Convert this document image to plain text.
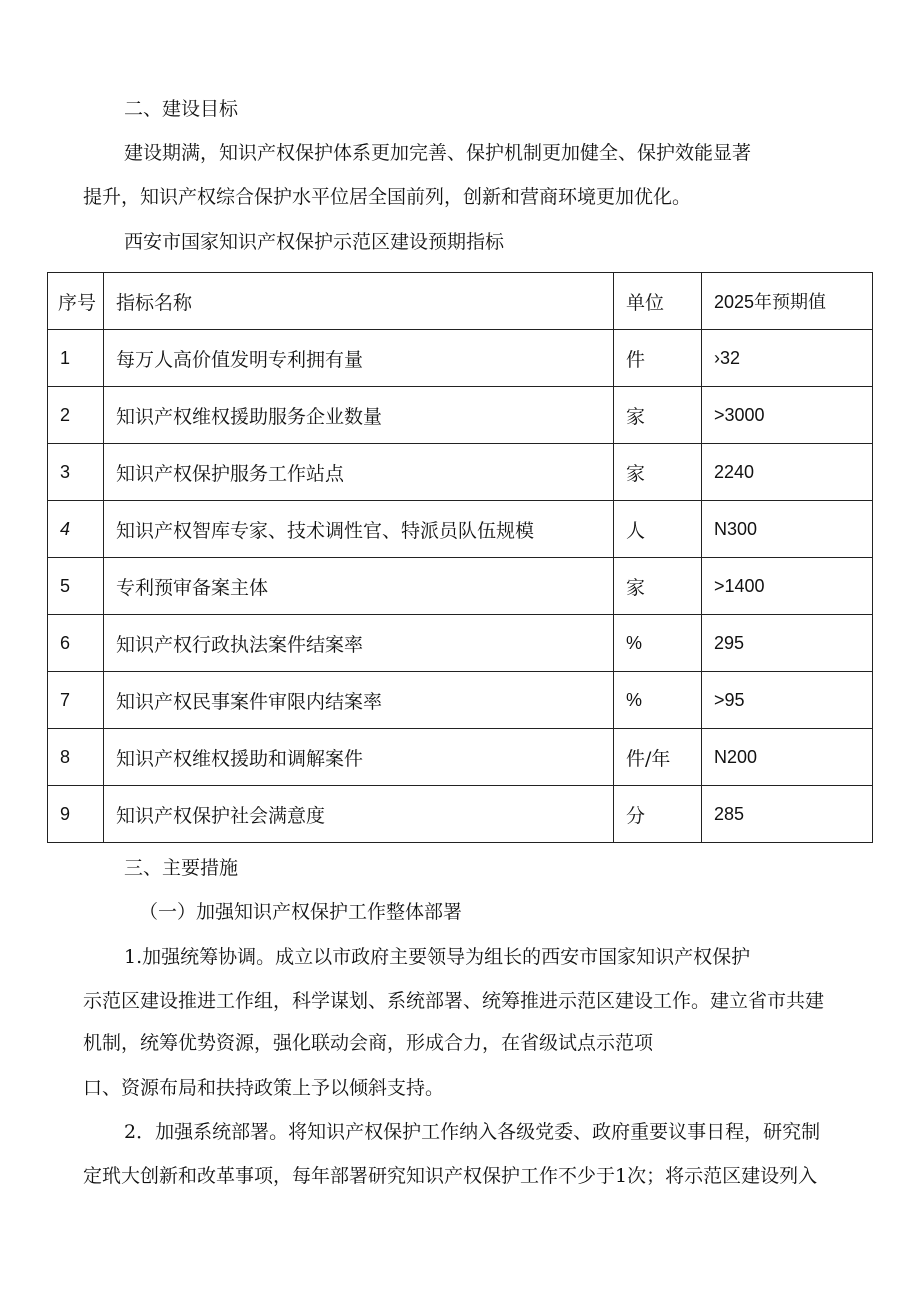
二、建设目标
建设期满，知识产权保护体系更加完善、保护机制更加健全、保护效能显著
提升，知识产权综合保护水平位居全国前列，创新和营商环境更加优化。
西安市国家知识产权保护示范区建设预期指标
序号	指标名称	单位	2025年预期值
1	每万人高价值发明专利拥有量	件	›32
2	知识产权维权援助服务企业数量	家	>3000
3	知识产权保护服务工作站点	家	2240
4	知识产权智库专家、技术调性官、特派员队伍规模	人	N300
5	专利预审备案主体	家	>1400
6	知识产权行政执法案件结案率	%	295
7	知识产权民事案件审限内结案率	%	>95
8	知识产权维权援助和调解案件	件/年	N200
9	知识产权保护社会满意度	分	285
三、主要措施
（一）加强知识产权保护工作整体部署
1.加强统筹协调。成立以市政府主要领导为组长的西安市国家知识产权保护
示范区建设推进工作组，科学谋划、系统部署、统筹推进示范区建设工作。建立省市共建
机制，统筹优势资源，强化联动会商，形成合力，在省级试点示范项
口、资源布局和扶持政策上予以倾斜支持。
2．加强系统部署。将知识产权保护工作纳入各级党委、政府重要议事日程，研究制
定玳大创新和改革事项，每年部署研究知识产权保护工作不少于1次；将示范区建设列入
